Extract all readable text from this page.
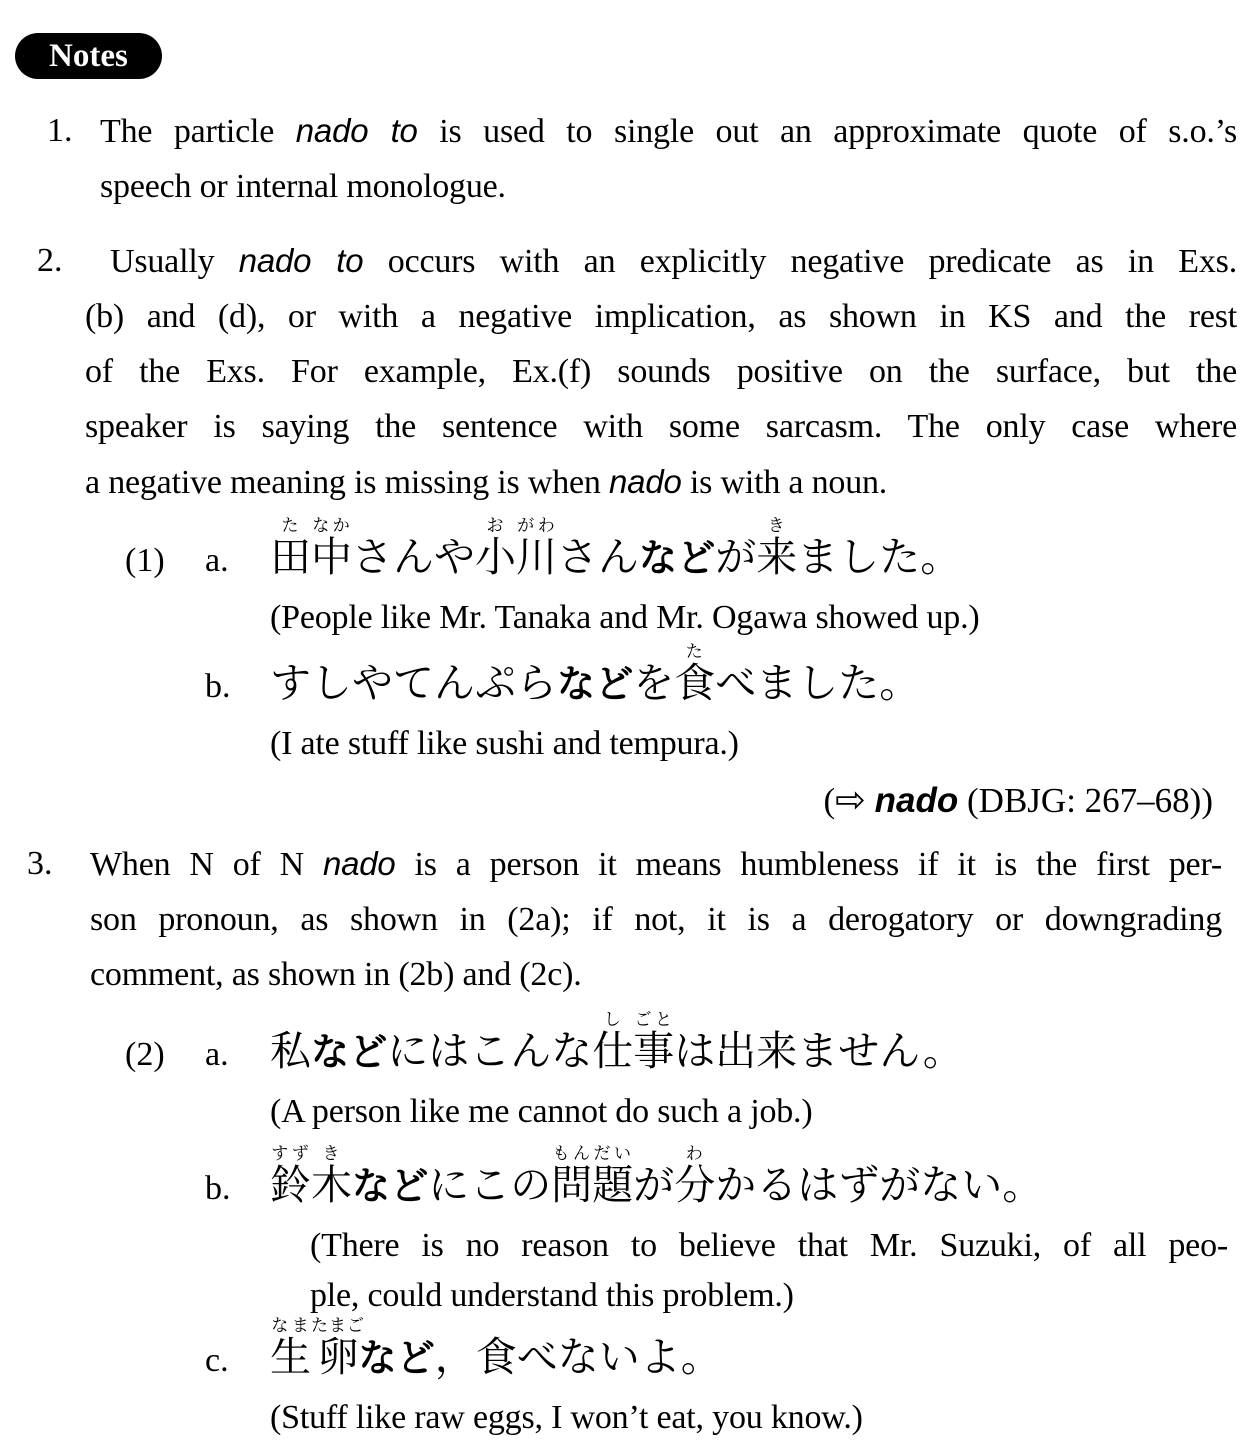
Notes
1. The particle nado to is used to single out an approximate quote of s.o.’s
speech or internal monologue.
2.	Usually nado to occurs with an explicitly negative predicate as in Exs.
(b) and (d), or with a negative implication, as shown in KS and the rest
of the Exs. For example, Ex.(f) sounds positive on the surface, but the
speaker is saying the sentence with some sarcasm. The only case where
a negative meaning is missing is when nado is with a noun.
(1)	a.	田た中なかさんや小お川がわさんなどが来きました。
(People like Mr. Tanaka and Mr. Ogawa showed up.)
b. すしやてんぷらなどを食たべました。
(I ate stuff like sushi and tempura.)
(⇨ nado (DBJG: 267–68))
3. When N of N nado is a person it means humbleness if it is the first per-
son pronoun, as shown in (2a); if not, it is a derogatory or downgrading
comment, as shown in (2b) and (2c).
(2)	a.	私などにはこんな仕し事ごとは出来ません。
(A person like me cannot do such a job.)
b. 鈴すず木きなどにこの問もん題だいが分わかるはずがない。
(There is no reason to believe that Mr. Suzuki, of all peo-
ple, could understand this problem.)
c.	生なま卵たまごなど，食べないよ。
(Stuff like raw eggs, I won’t eat, you know.)
